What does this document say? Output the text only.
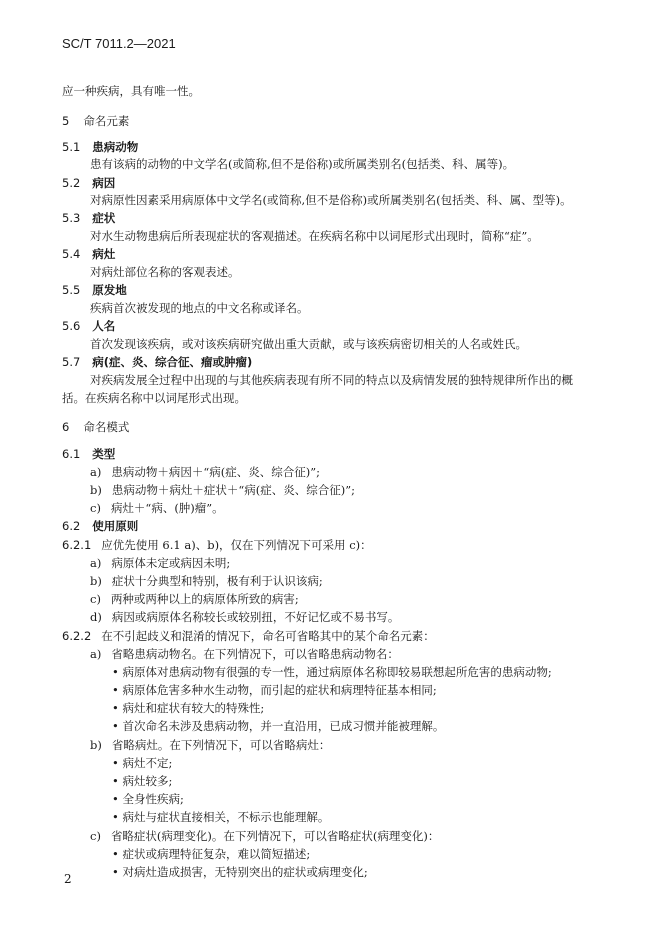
SC/T 7011.2—2021
应一种疾病，具有唯一性。
5 命名元素
5.1 患病动物
患有该病的动物的中文学名(或简称,但不是俗称)或所属类别名(包括类、科、属等)。
5.2 病因
对病原性因素采用病原体中文学名(或简称,但不是俗称)或所属类别名(包括类、科、属、型等)。
5.3 症状
对水生动物患病后所表现症状的客观描述。在疾病名称中以词尾形式出现时，简称“症”。
5.4 病灶
对病灶部位名称的客观表述。
5.5 原发地
疾病首次被发现的地点的中文名称或译名。
5.6 人名
首次发现该疾病，或对该疾病研究做出重大贡献，或与该疾病密切相关的人名或姓氏。
5.7 病(症、炎、综合征、瘤或肿瘤)
对疾病发展全过程中出现的与其他疾病表现有所不同的特点以及病情发展的独特规律所作出的概
括。在疾病名称中以词尾形式出现。
6 命名模式
6.1 类型
a) 患病动物＋病因＋“病(症、炎、综合征)”;
b) 患病动物＋病灶＋症状＋“病(症、炎、综合征)”;
c) 病灶＋“病、(肿)瘤”。
6.2 使用原则
6.2.1 应优先使用 6.1 a)、b)，仅在下列情况下可采用 c)：
a) 病原体未定或病因未明;
b) 症状十分典型和特别，极有利于认识该病;
c) 两种或两种以上的病原体所致的病害;
d) 病因或病原体名称较长或较别扭，不好记忆或不易书写。
6.2.2 在不引起歧义和混淆的情况下，命名可省略其中的某个命名元素：
a) 省略患病动物名。在下列情况下，可以省略患病动物名：
• 病原体对患病动物有很强的专一性，通过病原体名称即较易联想起所危害的患病动物;
• 病原体危害多种水生动物，而引起的症状和病理特征基本相同;
• 病灶和症状有较大的特殊性;
• 首次命名未涉及患病动物，并一直沿用，已成习惯并能被理解。
b) 省略病灶。在下列情况下，可以省略病灶：
• 病灶不定;
• 病灶较多;
• 全身性疾病;
• 病灶与症状直接相关，不标示也能理解。
c) 省略症状(病理变化)。在下列情况下，可以省略症状(病理变化)：
• 症状或病理特征复杂，难以简短描述;
• 对病灶造成损害，无特别突出的症状或病理变化;
2
